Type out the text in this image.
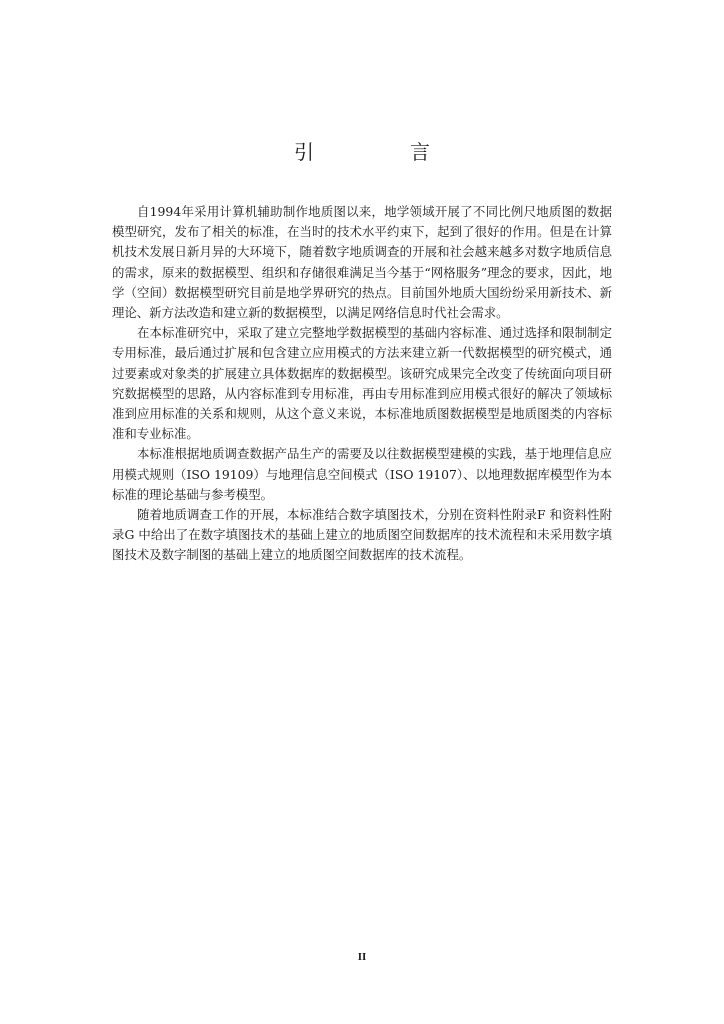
引　言

自1994年采用计算机辅助制作地质图以来，地学领域开展了不同比例尺地质图的数据模型研究，发布了相关的标准，在当时的技术水平约束下，起到了很好的作用。但是在计算机技术发展日新月异的大环境下，随着数字地质调查的开展和社会越来越多对数字地质信息的需求，原来的数据模型、组织和存储很难满足当今基于“网格服务”理念的要求，因此，地学（空间）数据模型研究目前是地学界研究的热点。目前国外地质大国纷纷采用新技术、新理论、新方法改造和建立新的数据模型，以满足网络信息时代社会需求。

在本标准研究中，采取了建立完整地学数据模型的基础内容标准、通过选择和限制制定专用标准，最后通过扩展和包含建立应用模式的方法来建立新一代数据模型的研究模式，通过要素或对象类的扩展建立具体数据库的数据模型。该研究成果完全改变了传统面向项目研究数据模型的思路，从内容标准到专用标准，再由专用标准到应用模式很好的解决了领域标准到应用标准的关系和规则，从这个意义来说，本标准地质图数据模型是地质图类的内容标准和专业标准。

本标准根据地质调查数据产品生产的需要及以往数据模型建模的实践，基于地理信息应用模式规则（ISO 19109）与地理信息空间模式（ISO 19107）、以地理数据库模型作为本标准的理论基础与参考模型。

随着地质调查工作的开展，本标准结合数字填图技术，分别在资料性附录F 和资料性附录G 中给出了在数字填图技术的基础上建立的地质图空间数据库的技术流程和未采用数字填图技术及数字制图的基础上建立的地质图空间数据库的技术流程。

II
